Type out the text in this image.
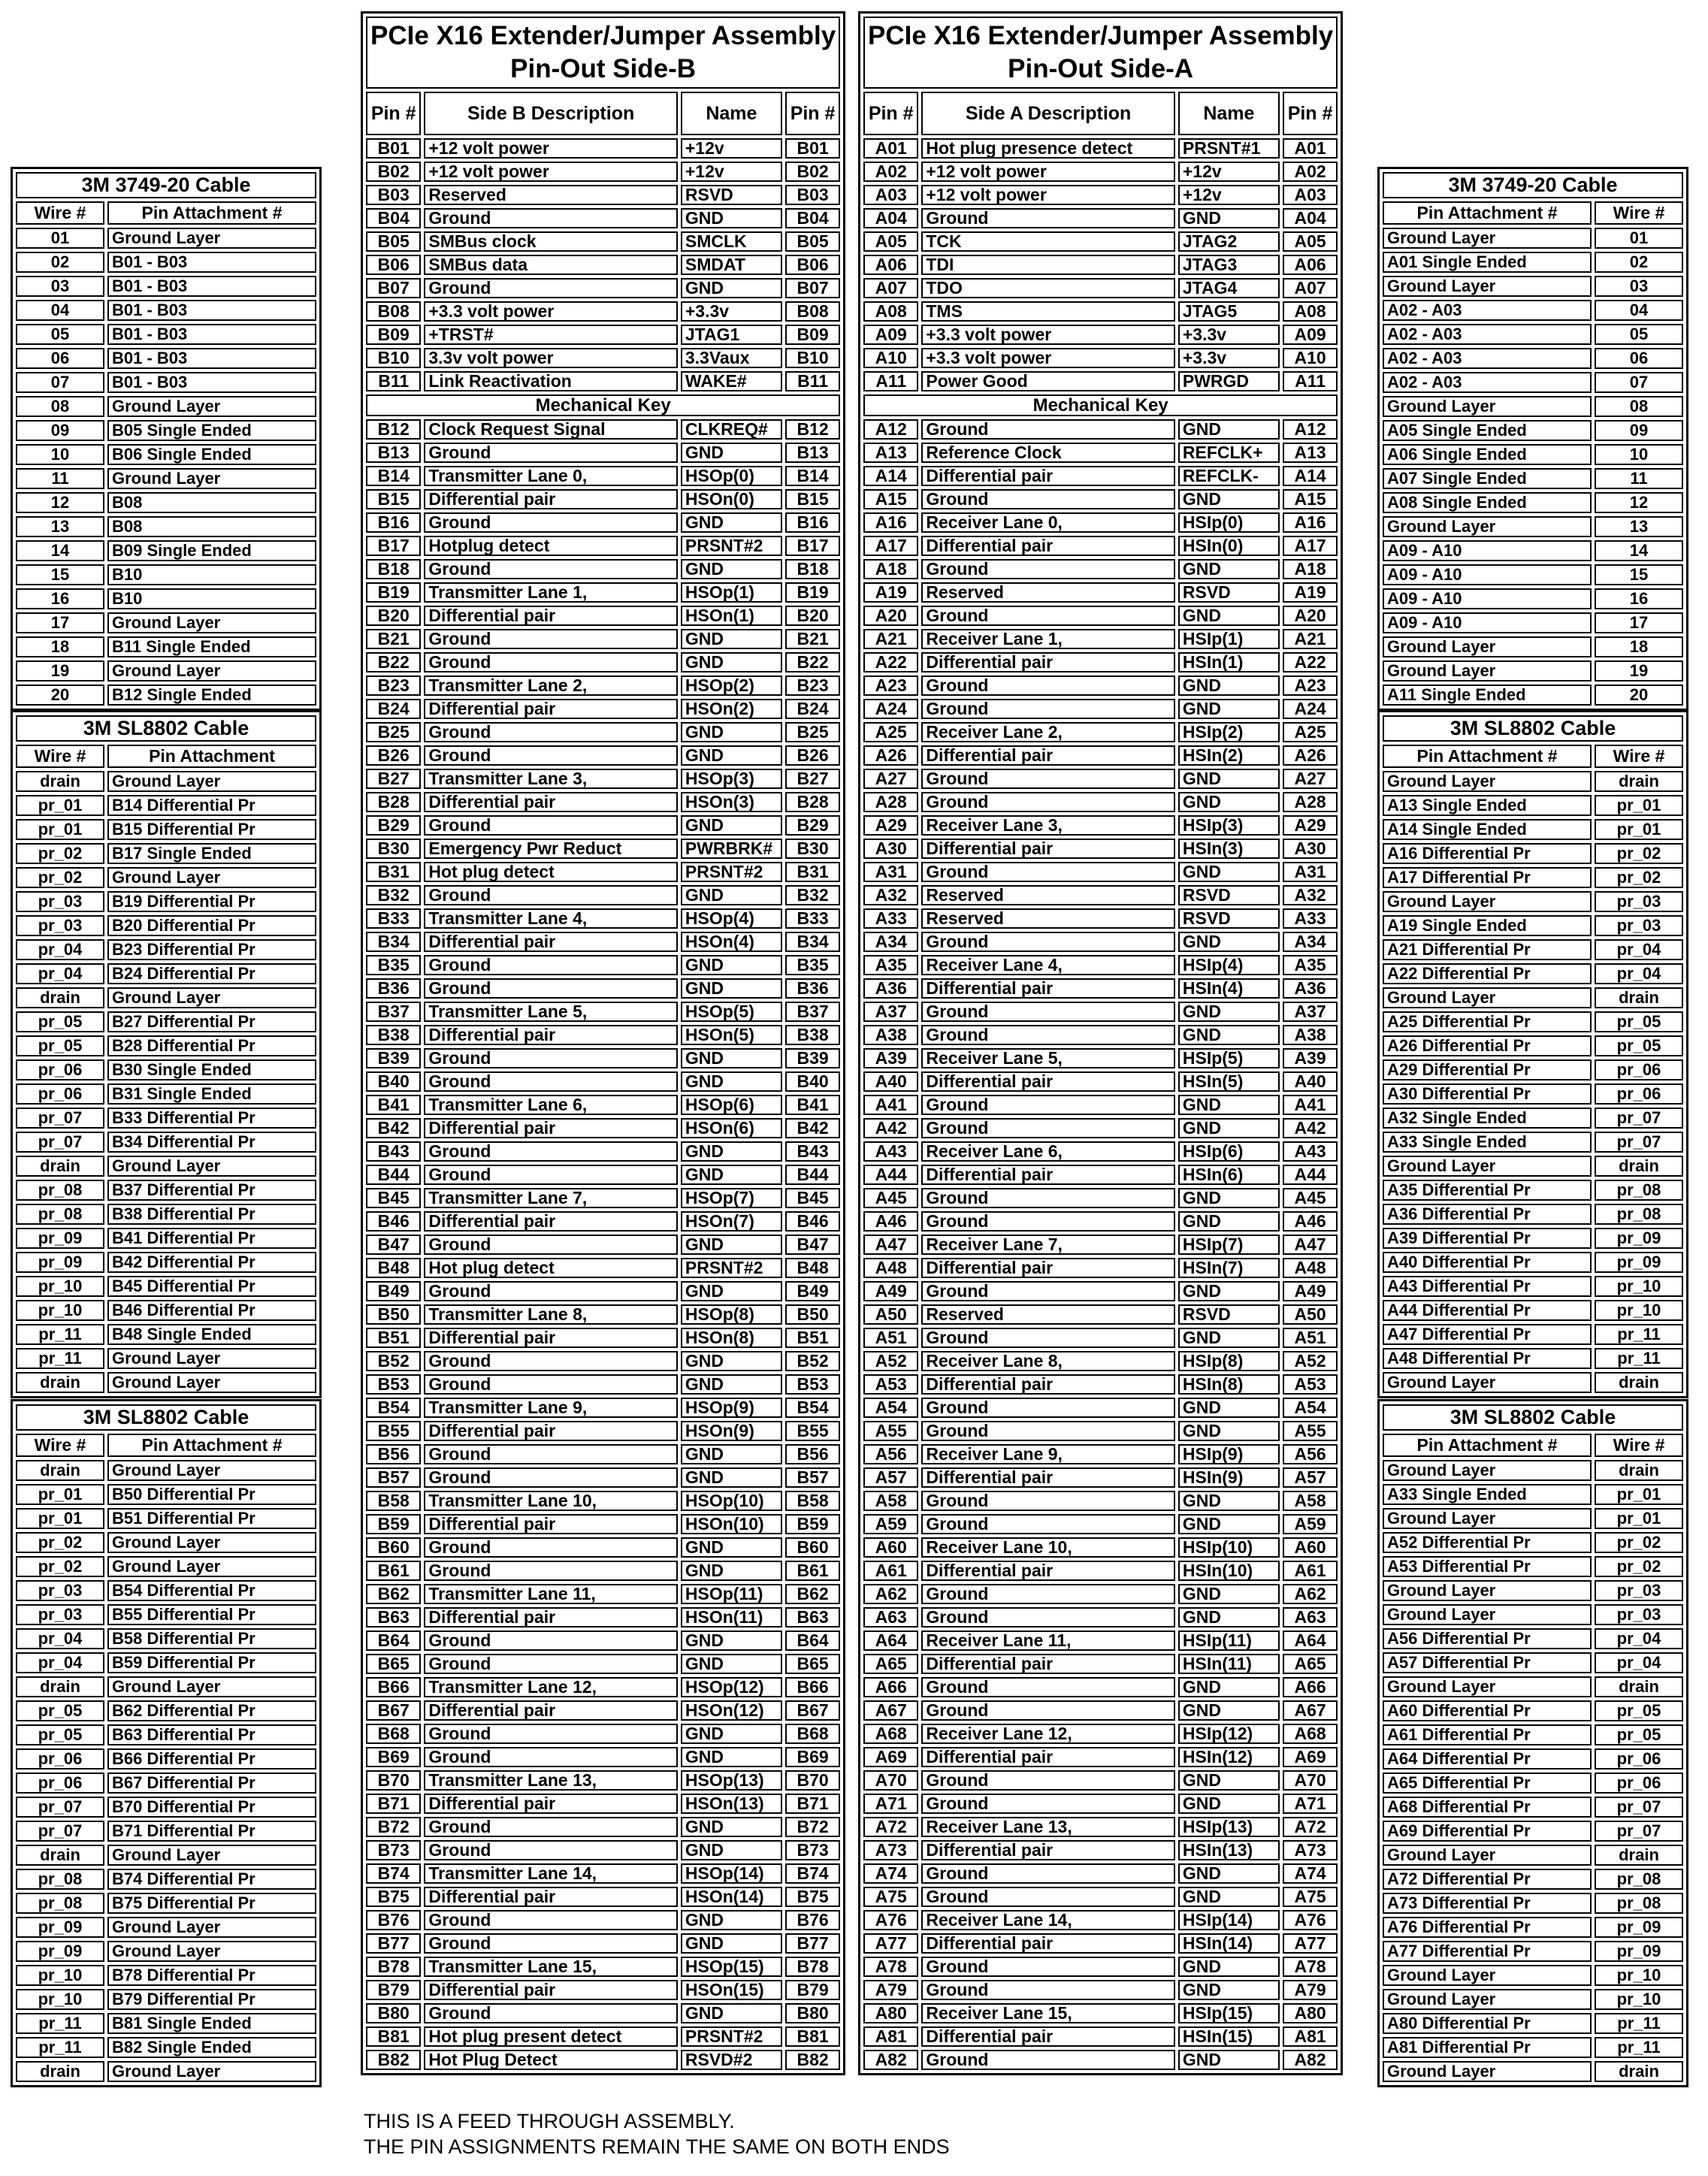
3M 3749-20 Cable	
Wire #	Pin Attachment #
01	Ground Layer
02	B01 - B03
03	B01 - B03
04	B01 - B03
05	B01 - B03
06	B01 - B03
07	B01 - B03
08	Ground Layer
09	B05 Single Ended
10	B06 Single Ended
11	Ground Layer
12	B08
13	B08
14	B09 Single Ended
15	B10
16	B10
17	Ground Layer
18	B11 Single Ended
19	Ground Layer
20	B12 Single Ended
3M SL8802 Cable	
Wire #	Pin Attachment
drain	Ground Layer
pr_01	B14 Differential Pr
pr_01	B15 Differential Pr
pr_02	B17 Single Ended
pr_02	Ground Layer
pr_03	B19 Differential Pr
pr_03	B20 Differential Pr
pr_04	B23 Differential Pr
pr_04	B24 Differential Pr
drain	Ground Layer
pr_05	B27 Differential Pr
pr_05	B28 Differential Pr
pr_06	B30 Single Ended
pr_06	B31 Single Ended
pr_07	B33 Differential Pr
pr_07	B34 Differential Pr
drain	Ground Layer
pr_08	B37 Differential Pr
pr_08	B38 Differential Pr
pr_09	B41 Differential Pr
pr_09	B42 Differential Pr
pr_10	B45 Differential Pr
pr_10	B46 Differential Pr
pr_11	B48 Single Ended
pr_11	Ground Layer
drain	Ground Layer
3M SL8802 Cable	
Wire #	Pin Attachment #
drain	Ground Layer
pr_01	B50 Differential Pr
pr_01	B51 Differential Pr
pr_02	Ground Layer
pr_02	Ground Layer
pr_03	B54 Differential Pr
pr_03	B55 Differential Pr
pr_04	B58 Differential Pr
pr_04	B59 Differential Pr
drain	Ground Layer
pr_05	B62 Differential Pr
pr_05	B63 Differential Pr
pr_06	B66 Differential Pr
pr_06	B67 Differential Pr
pr_07	B70 Differential Pr
pr_07	B71 Differential Pr
drain	Ground Layer
pr_08	B74 Differential Pr
pr_08	B75 Differential Pr
pr_09	Ground Layer
pr_09	Ground Layer
pr_10	B78 Differential Pr
pr_10	B79 Differential Pr
pr_11	B81 Single Ended
pr_11	B82 Single Ended
drain	Ground Layer
PCIe X16 Extender/Jumper Assembly
Pin-Out Side-B			

Pin #	Side B Description	Name	Pin #
B01	+12 volt power	+12v	B01
B02	+12 volt power	+12v	B02
B03	Reserved	RSVD	B03
B04	Ground	GND	B04
B05	SMBus clock	SMCLK	B05
B06	SMBus data	SMDAT	B06
B07	Ground	GND	B07
B08	+3.3 volt power	+3.3v	B08
B09	+TRST#	JTAG1	B09
B10	3.3v volt power	3.3Vaux	B10
B11	Link Reactivation	WAKE#	B11
Mechanical Key			
B12	Clock Request Signal	CLKREQ#	B12
B13	Ground	GND	B13
B14	Transmitter Lane 0,	HSOp(0)	B14
B15	Differential pair	HSOn(0)	B15
B16	Ground	GND	B16
B17	Hotplug detect	PRSNT#2	B17
B18	Ground	GND	B18
B19	Transmitter Lane 1,	HSOp(1)	B19
B20	Differential pair	HSOn(1)	B20
B21	Ground	GND	B21
B22	Ground	GND	B22
B23	Transmitter Lane 2,	HSOp(2)	B23
B24	Differential pair	HSOn(2)	B24
B25	Ground	GND	B25
B26	Ground	GND	B26
B27	Transmitter Lane 3,	HSOp(3)	B27
B28	Differential pair	HSOn(3)	B28
B29	Ground	GND	B29
B30	Emergency Pwr Reduct	PWRBRK#	B30
B31	Hot plug detect	PRSNT#2	B31
B32	Ground	GND	B32
B33	Transmitter Lane 4,	HSOp(4)	B33
B34	Differential pair	HSOn(4)	B34
B35	Ground	GND	B35
B36	Ground	GND	B36
B37	Transmitter Lane 5,	HSOp(5)	B37
B38	Differential pair	HSOn(5)	B38
B39	Ground	GND	B39
B40	Ground	GND	B40
B41	Transmitter Lane 6,	HSOp(6)	B41
B42	Differential pair	HSOn(6)	B42
B43	Ground	GND	B43
B44	Ground	GND	B44
B45	Transmitter Lane 7,	HSOp(7)	B45
B46	Differential pair	HSOn(7)	B46
B47	Ground	GND	B47
B48	Hot plug detect	PRSNT#2	B48
B49	Ground	GND	B49
B50	Transmitter Lane 8,	HSOp(8)	B50
B51	Differential pair	HSOn(8)	B51
B52	Ground	GND	B52
B53	Ground	GND	B53
B54	Transmitter Lane 9,	HSOp(9)	B54
B55	Differential pair	HSOn(9)	B55
B56	Ground	GND	B56
B57	Ground	GND	B57
B58	Transmitter Lane 10,	HSOp(10)	B58
B59	Differential pair	HSOn(10)	B59
B60	Ground	GND	B60
B61	Ground	GND	B61
B62	Transmitter Lane 11,	HSOp(11)	B62
B63	Differential pair	HSOn(11)	B63
B64	Ground	GND	B64
B65	Ground	GND	B65
B66	Transmitter Lane 12,	HSOp(12)	B66
B67	Differential pair	HSOn(12)	B67
B68	Ground	GND	B68
B69	Ground	GND	B69
B70	Transmitter Lane 13,	HSOp(13)	B70
B71	Differential pair	HSOn(13)	B71
B72	Ground	GND	B72
B73	Ground	GND	B73
B74	Transmitter Lane 14,	HSOp(14)	B74
B75	Differential pair	HSOn(14)	B75
B76	Ground	GND	B76
B77	Ground	GND	B77
B78	Transmitter Lane 15,	HSOp(15)	B78
B79	Differential pair	HSOn(15)	B79
B80	Ground	GND	B80
B81	Hot plug present detect	PRSNT#2	B81
B82	Hot Plug Detect	RSVD#2	B82
PCIe X16 Extender/Jumper Assembly
Pin-Out Side-A			

Pin #	Side A Description	Name	Pin #
A01	Hot plug presence detect	PRSNT#1	A01
A02	+12 volt power	+12v	A02
A03	+12 volt power	+12v	A03
A04	Ground	GND	A04
A05	TCK	JTAG2	A05
A06	TDI	JTAG3	A06
A07	TDO	JTAG4	A07
A08	TMS	JTAG5	A08
A09	+3.3 volt power	+3.3v	A09
A10	+3.3 volt power	+3.3v	A10
A11	Power Good	PWRGD	A11
Mechanical Key			
A12	Ground	GND	A12
A13	Reference Clock	REFCLK+	A13
A14	Differential pair	REFCLK-	A14
A15	Ground	GND	A15
A16	Receiver Lane 0,	HSIp(0)	A16
A17	Differential pair	HSIn(0)	A17
A18	Ground	GND	A18
A19	Reserved	RSVD	A19
A20	Ground	GND	A20
A21	Receiver Lane 1,	HSIp(1)	A21
A22	Differential pair	HSIn(1)	A22
A23	Ground	GND	A23
A24	Ground	GND	A24
A25	Receiver Lane 2,	HSIp(2)	A25
A26	Differential pair	HSIn(2)	A26
A27	Ground	GND	A27
A28	Ground	GND	A28
A29	Receiver Lane 3,	HSIp(3)	A29
A30	Differential pair	HSIn(3)	A30
A31	Ground	GND	A31
A32	Reserved	RSVD	A32
A33	Reserved	RSVD	A33
A34	Ground	GND	A34
A35	Receiver Lane 4,	HSIp(4)	A35
A36	Differential pair	HSIn(4)	A36
A37	Ground	GND	A37
A38	Ground	GND	A38
A39	Receiver Lane 5,	HSIp(5)	A39
A40	Differential pair	HSIn(5)	A40
A41	Ground	GND	A41
A42	Ground	GND	A42
A43	Receiver Lane 6,	HSIp(6)	A43
A44	Differential pair	HSIn(6)	A44
A45	Ground	GND	A45
A46	Ground	GND	A46
A47	Receiver Lane 7,	HSIp(7)	A47
A48	Differential pair	HSIn(7)	A48
A49	Ground	GND	A49
A50	Reserved	RSVD	A50
A51	Ground	GND	A51
A52	Receiver Lane 8,	HSIp(8)	A52
A53	Differential pair	HSIn(8)	A53
A54	Ground	GND	A54
A55	Ground	GND	A55
A56	Receiver Lane 9,	HSIp(9)	A56
A57	Differential pair	HSIn(9)	A57
A58	Ground	GND	A58
A59	Ground	GND	A59
A60	Receiver Lane 10,	HSIp(10)	A60
A61	Differential pair	HSIn(10)	A61
A62	Ground	GND	A62
A63	Ground	GND	A63
A64	Receiver Lane 11,	HSIp(11)	A64
A65	Differential pair	HSIn(11)	A65
A66	Ground	GND	A66
A67	Ground	GND	A67
A68	Receiver Lane 12,	HSIp(12)	A68
A69	Differential pair	HSIn(12)	A69
A70	Ground	GND	A70
A71	Ground	GND	A71
A72	Receiver Lane 13,	HSIp(13)	A72
A73	Differential pair	HSIn(13)	A73
A74	Ground	GND	A74
A75	Ground	GND	A75
A76	Receiver Lane 14,	HSIp(14)	A76
A77	Differential pair	HSIn(14)	A77
A78	Ground	GND	A78
A79	Ground	GND	A79
A80	Receiver Lane 15,	HSIp(15)	A80
A81	Differential pair	HSIn(15)	A81
A82	Ground	GND	A82
3M 3749-20 Cable	
Pin Attachment #	Wire #
Ground Layer	01
A01 Single Ended	02
Ground Layer	03
A02 - A03	04
A02 - A03	05
A02 - A03	06
A02 - A03	07
Ground Layer	08
A05 Single Ended	09
A06 Single Ended	10
A07 Single Ended	11
A08 Single Ended	12
Ground Layer	13
A09 - A10	14
A09 - A10	15
A09 - A10	16
A09 - A10	17
Ground Layer	18
Ground Layer	19
A11 Single Ended	20
3M SL8802 Cable	
Pin Attachment #	Wire #
Ground Layer	drain
A13 Single Ended	pr_01
A14 Single Ended	pr_01
A16 Differential Pr	pr_02
A17 Differential Pr	pr_02
Ground Layer	pr_03
A19 Single Ended	pr_03
A21 Differential Pr	pr_04
A22 Differential Pr	pr_04
Ground Layer	drain
A25 Differential Pr	pr_05
A26 Differential Pr	pr_05
A29 Differential Pr	pr_06
A30 Differential Pr	pr_06
A32 Single Ended	pr_07
A33 Single Ended	pr_07
Ground Layer	drain
A35 Differential Pr	pr_08
A36 Differential Pr	pr_08
A39 Differential Pr	pr_09
A40 Differential Pr	pr_09
A43 Differential Pr	pr_10
A44 Differential Pr	pr_10
A47 Differential Pr	pr_11
A48 Differential Pr	pr_11
Ground Layer	drain
3M SL8802 Cable	
Pin Attachment #	Wire #
Ground Layer	drain
A33 Single Ended	pr_01
Ground Layer	pr_01
A52 Differential Pr	pr_02
A53 Differential Pr	pr_02
Ground Layer	pr_03
Ground Layer	pr_03
A56 Differential Pr	pr_04
A57 Differential Pr	pr_04
Ground Layer	drain
A60 Differential Pr	pr_05
A61 Differential Pr	pr_05
A64 Differential Pr	pr_06
A65 Differential Pr	pr_06
A68 Differential Pr	pr_07
A69 Differential Pr	pr_07
Ground Layer	drain
A72 Differential Pr	pr_08
A73 Differential Pr	pr_08
A76 Differential Pr	pr_09
A77 Differential Pr	pr_09
Ground Layer	pr_10
Ground Layer	pr_10
A80 Differential Pr	pr_11
A81 Differential Pr	pr_11
Ground Layer	drain
THIS IS A FEED THROUGH ASSEMBLY.
THE PIN ASSIGNMENTS REMAIN THE SAME ON BOTH ENDS
